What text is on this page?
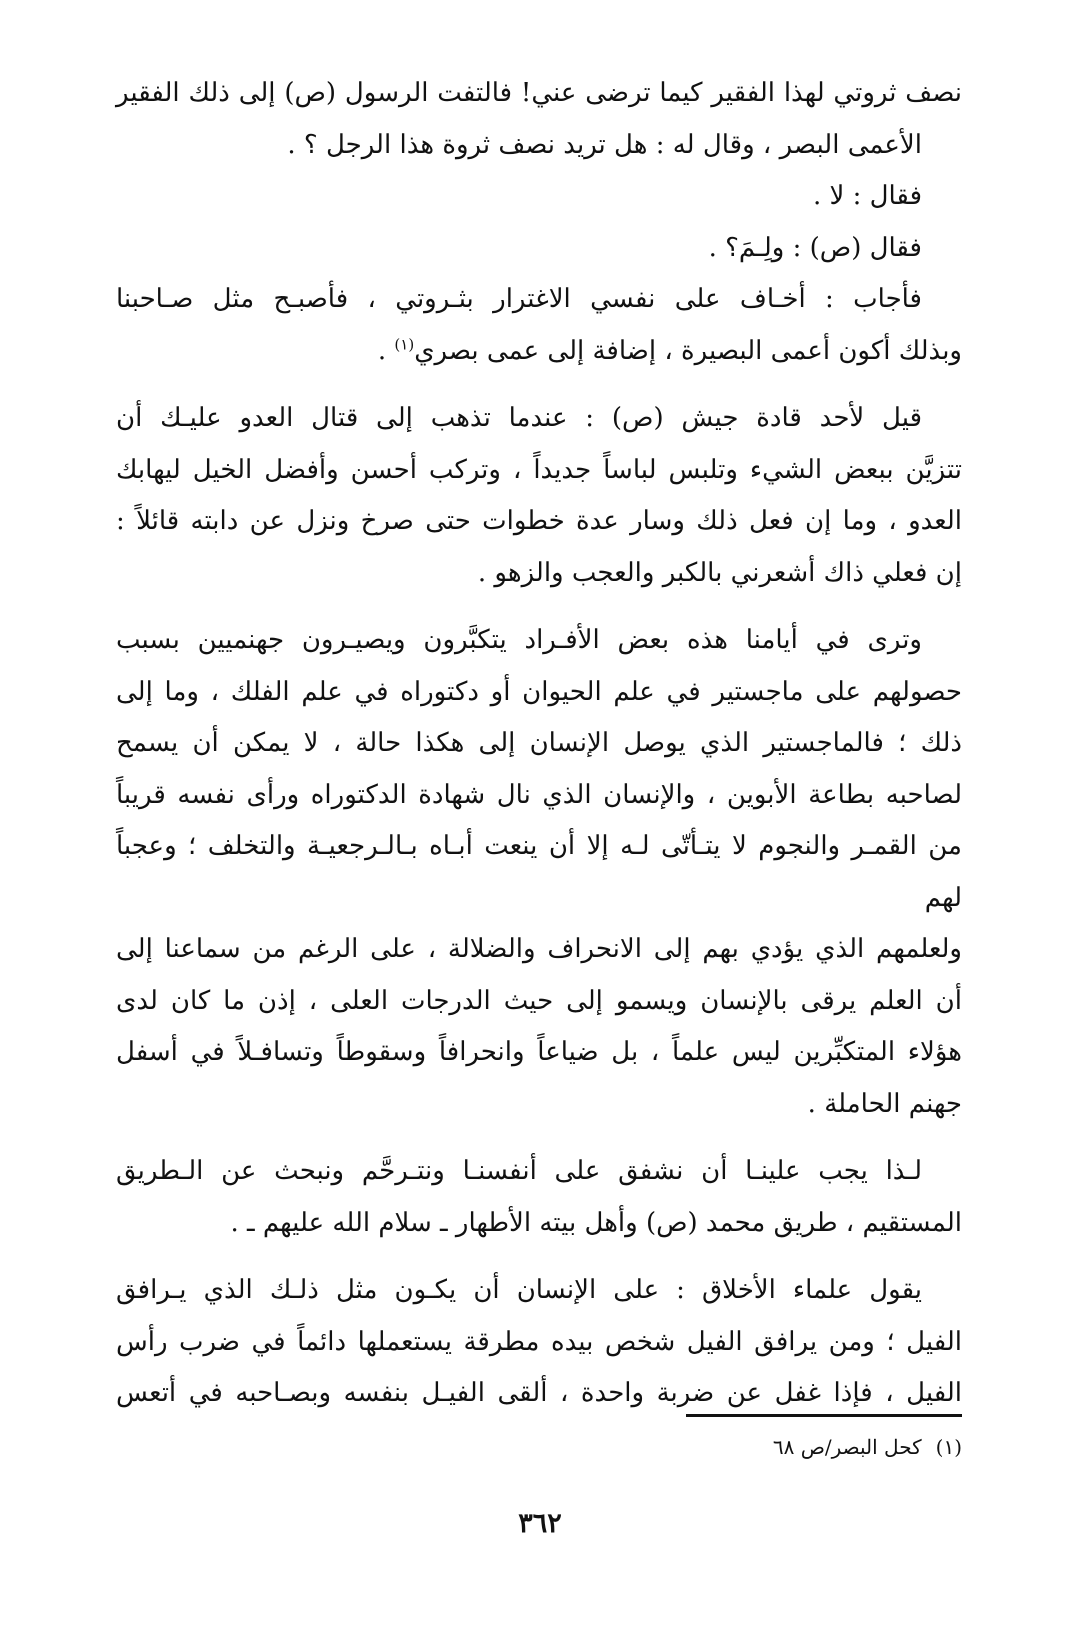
نصف ثروتي لهذا الفقير كيما ترضى عني! فالتفت الرسول (ص) إلى ذلك الفقير
الأعمى البصر ، وقال له : هل تريد نصف ثروة هذا الرجل ؟ .

فقال : لا .

فقال (ص) : ولِـمَ؟ .

فأجاب : أخـاف على نفسي الاغترار بثـروتي ، فأصبـح مثل صـاحبنا
وبذلك أكون أعمى البصيرة ، إضافة إلى عمى بصري$^{(١)}$ .

قيل لأحد قادة جيش (ص) : عندما تذهب إلى قتال العدو عليـك أن
تتزيَّن ببعض الشيء وتلبس لباساً جديداً ، وتركب أحسن وأفضل الخيل ليهابك
العدو ، وما إن فعل ذلك وسار عدة خطوات حتى صرخ ونزل عن دابته قائلاً :
إن فعلي ذاك أشعرني بالكبر والعجب والزهو .

وترى في أيامنا هذه بعض الأفـراد يتكبَّرون ويصيـرون جهنميين بسبب
حصولهم على ماجستير في علم الحيوان أو دكتوراه في علم الفلك ، وما إلى
ذلك ؛ فالماجستير الذي يوصل الإنسان إلى هكذا حالة ، لا يمكن أن يسمح
لصاحبه بطاعة الأبوين ، والإنسان الذي نال شهادة الدكتوراه ورأى نفسه قريباً
من القمـر والنجوم لا يتـأتّى لـه إلا أن ينعت أبـاه بـالـرجعيـة والتخلف ؛ وعجباً لهم
ولعلمهم الذي يؤدي بهم إلى الانحراف والضلالة ، على الرغم من سماعنا إلى
أن العلم يرقى بالإنسان ويسمو إلى حيث الدرجات العلى ، إذن ما كان لدى
هؤلاء المتكبِّرين ليس علماً ، بل ضياعاً وانحرافاً وسقوطاً وتسافـلاً في أسفل
جهنم الحاملة .

لـذا يجب علينـا أن نشفق على أنفسنـا ونتـرحَّم ونبحث عن الـطريق
المستقيم ، طريق محمد (ص) وأهل بيته الأطهار ـ سلام الله عليهم ـ .

يقول علماء الأخلاق : على الإنسان أن يكـون مثل ذلـك الذي يـرافق
الفيل ؛ ومن يرافق الفيل شخص بيده مطرقة يستعملها دائماً في ضرب رأس
الفيل ، فإذا غفل عن ضربة واحدة ، ألقى الفيـل بنفسه وبصـاحبه في أتعس

(١)كحل البصر/ص ٦٨
٣٦٢
